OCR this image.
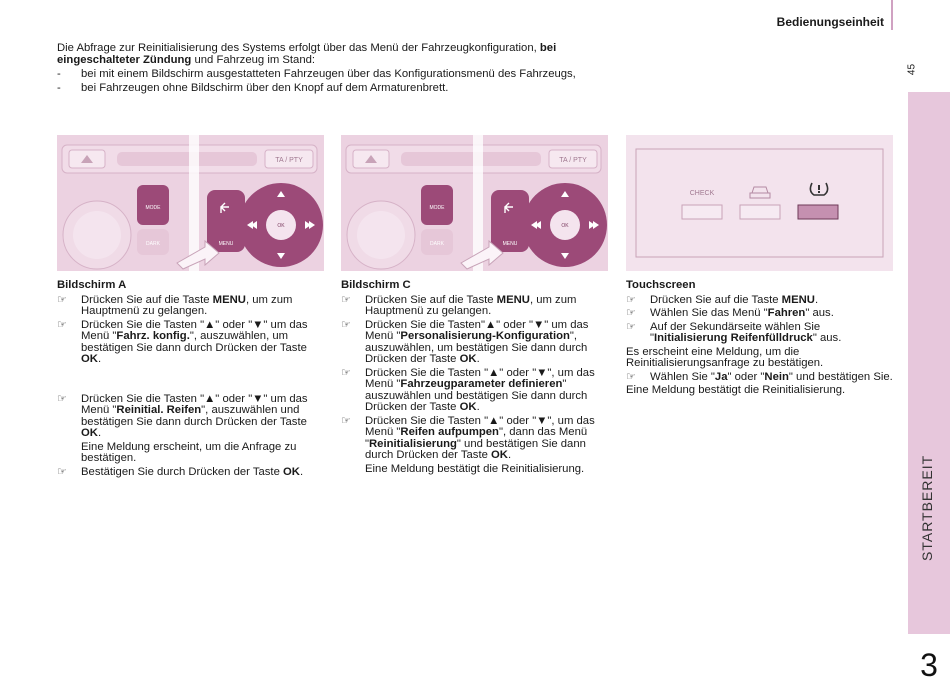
Bedienungseinheit
45
STARTBEREIT
3

Die Abfrage zur Reinitialisierung des Systems erfolgt über das Menü der Fahrzeugkonfiguration, bei eingeschalteter Zündung und Fahrzeug im Stand:

-	bei mit einem Bildschirm ausgestatteten Fahrzeugen über das Konfigurationsmenü des Fahrzeugs,
-	bei Fahrzeugen ohne Bildschirm über den Knopf auf dem Armaturenbrett.
TA / PTY
MODE
DARK	MENU
OK
TA / PTY
MODE
DARK	MENU
OK
CHECK
Bildschirm A
☞	Drücken Sie auf die Taste MENU, um zum Hauptmenü zu gelangen.
☞	Drücken Sie die Tasten "▲" oder "▼" um das Menü "Fahrz. konfig.", auszuwählen, um bestätigen Sie dann durch Drücken der Taste OK.
☞	Drücken Sie die Tasten "▲" oder "▼" um das Menü "Reinitial. Reifen", auszuwählen und bestätigen Sie dann durch Drücken der Taste OK.
Eine Meldung erscheint, um die Anfrage zu bestätigen.
☞	Bestätigen Sie durch Drücken der Taste OK.
Bildschirm C
☞	Drücken Sie auf die Taste MENU, um zum Hauptmenü zu gelangen.
☞	Drücken Sie die Tasten"▲" oder "▼" um das Menü "Personalisierung-Konfiguration", auszuwählen, um bestätigen Sie dann durch Drücken der Taste OK.
☞	Drücken Sie die Tasten "▲" oder "▼", um das Menü "Fahrzeugparameter definieren" auszuwählen und bestätigen Sie dann durch Drücken der Taste OK.
☞	Drücken Sie die Tasten "▲" oder "▼", um das Menü "Reifen aufpumpen", dann das Menü "Reinitialisierung" und bestätigen Sie dann durch Drücken der Taste OK.
Eine Meldung bestätigt die Reinitialisierung.
Touchscreen
☞	Drücken Sie auf die Taste MENU.
☞	Wählen Sie das Menü "Fahren" aus.
☞	Auf der Sekundärseite wählen Sie "Initialisierung Reifenfülldruck" aus.

Es erscheint eine Meldung, um die Reinitialisierungsanfrage zu bestätigen.

☞	Wählen Sie "Ja" oder "Nein" und bestätigen Sie.

Eine Meldung bestätigt die Reinitialisierung.
